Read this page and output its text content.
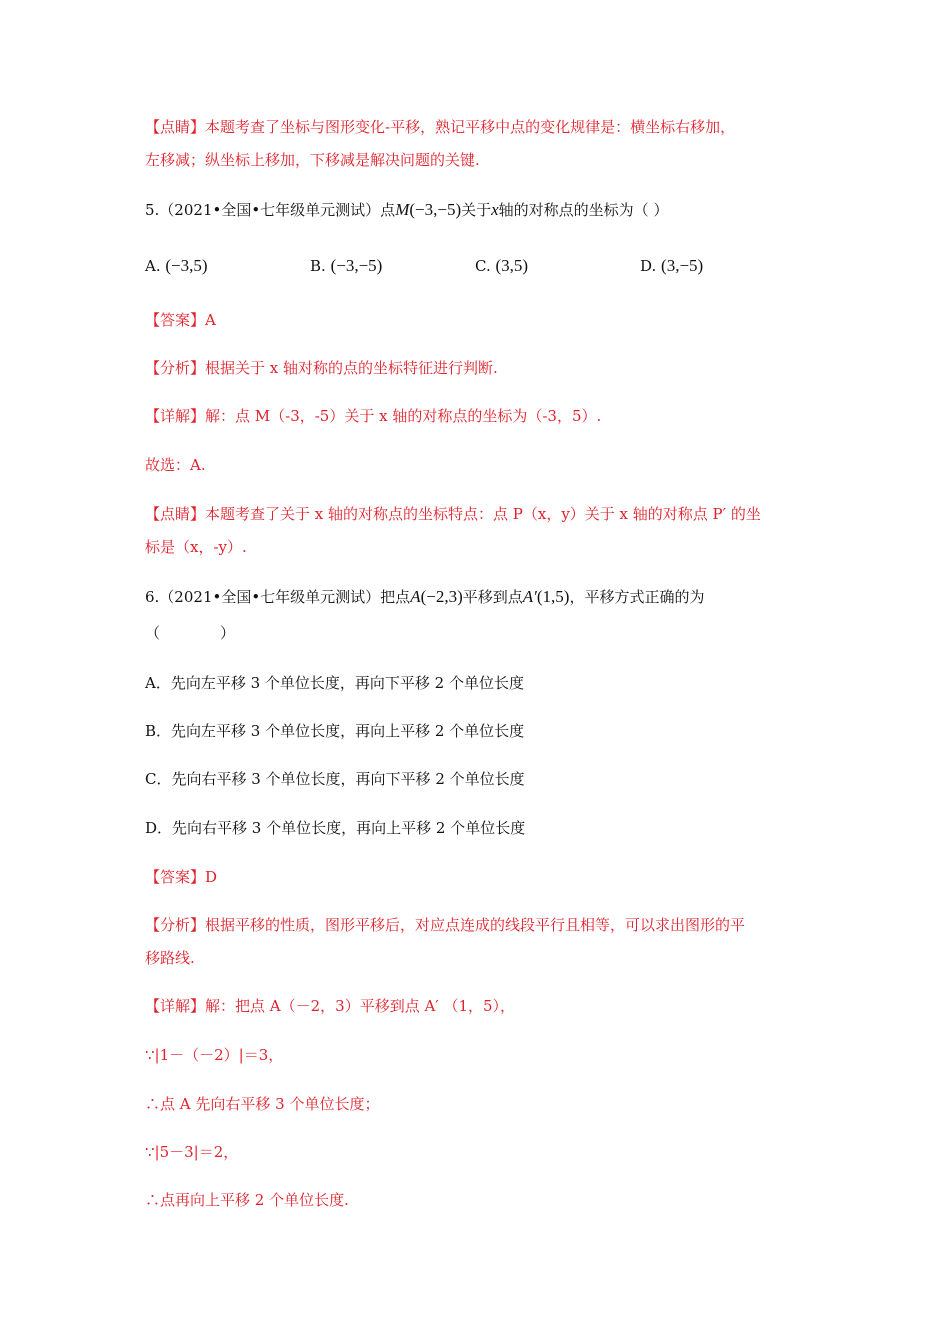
【点睛】本题考查了坐标与图形变化-平移，熟记平移中点的变化规律是：横坐标右移加，
左移减；纵坐标上移加，下移减是解决问题的关键.
5.（2021•全国•七年级单元测试）点M(−3,−5)关于x轴的对称点的坐标为（ ）
A. (−3,5)	B. (−3,−5)	C. (3,5)	D. (3,−5)
【答案】A
【分析】根据关于 x 轴对称的点的坐标特征进行判断.
【详解】解：点 M（-3，-5）关于 x 轴的对称点的坐标为（-3，5）.
故选：A.
【点睛】本题考查了关于 x 轴的对称点的坐标特点：点 P（x，y）关于 x 轴的对称点 P′ 的坐
标是（x，-y）.
6.（2021•全国•七年级单元测试）把点A(−2,3)平移到点A′(1,5)，平移方式正确的为
（　　　　）
A．先向左平移 3 个单位长度，再向下平移 2 个单位长度
B．先向左平移 3 个单位长度，再向上平移 2 个单位长度
C．先向右平移 3 个单位长度，再向下平移 2 个单位长度
D．先向右平移 3 个单位长度，再向上平移 2 个单位长度
【答案】D
【分析】根据平移的性质，图形平移后，对应点连成的线段平行且相等，可以求出图形的平
移路线.
【详解】解：把点 A（－2，3）平移到点 A′ （1，5），
∵|1－（－2）|＝3，
∴点 A 先向右平移 3 个单位长度；
∵|5－3|＝2，
∴点再向上平移 2 个单位长度.
